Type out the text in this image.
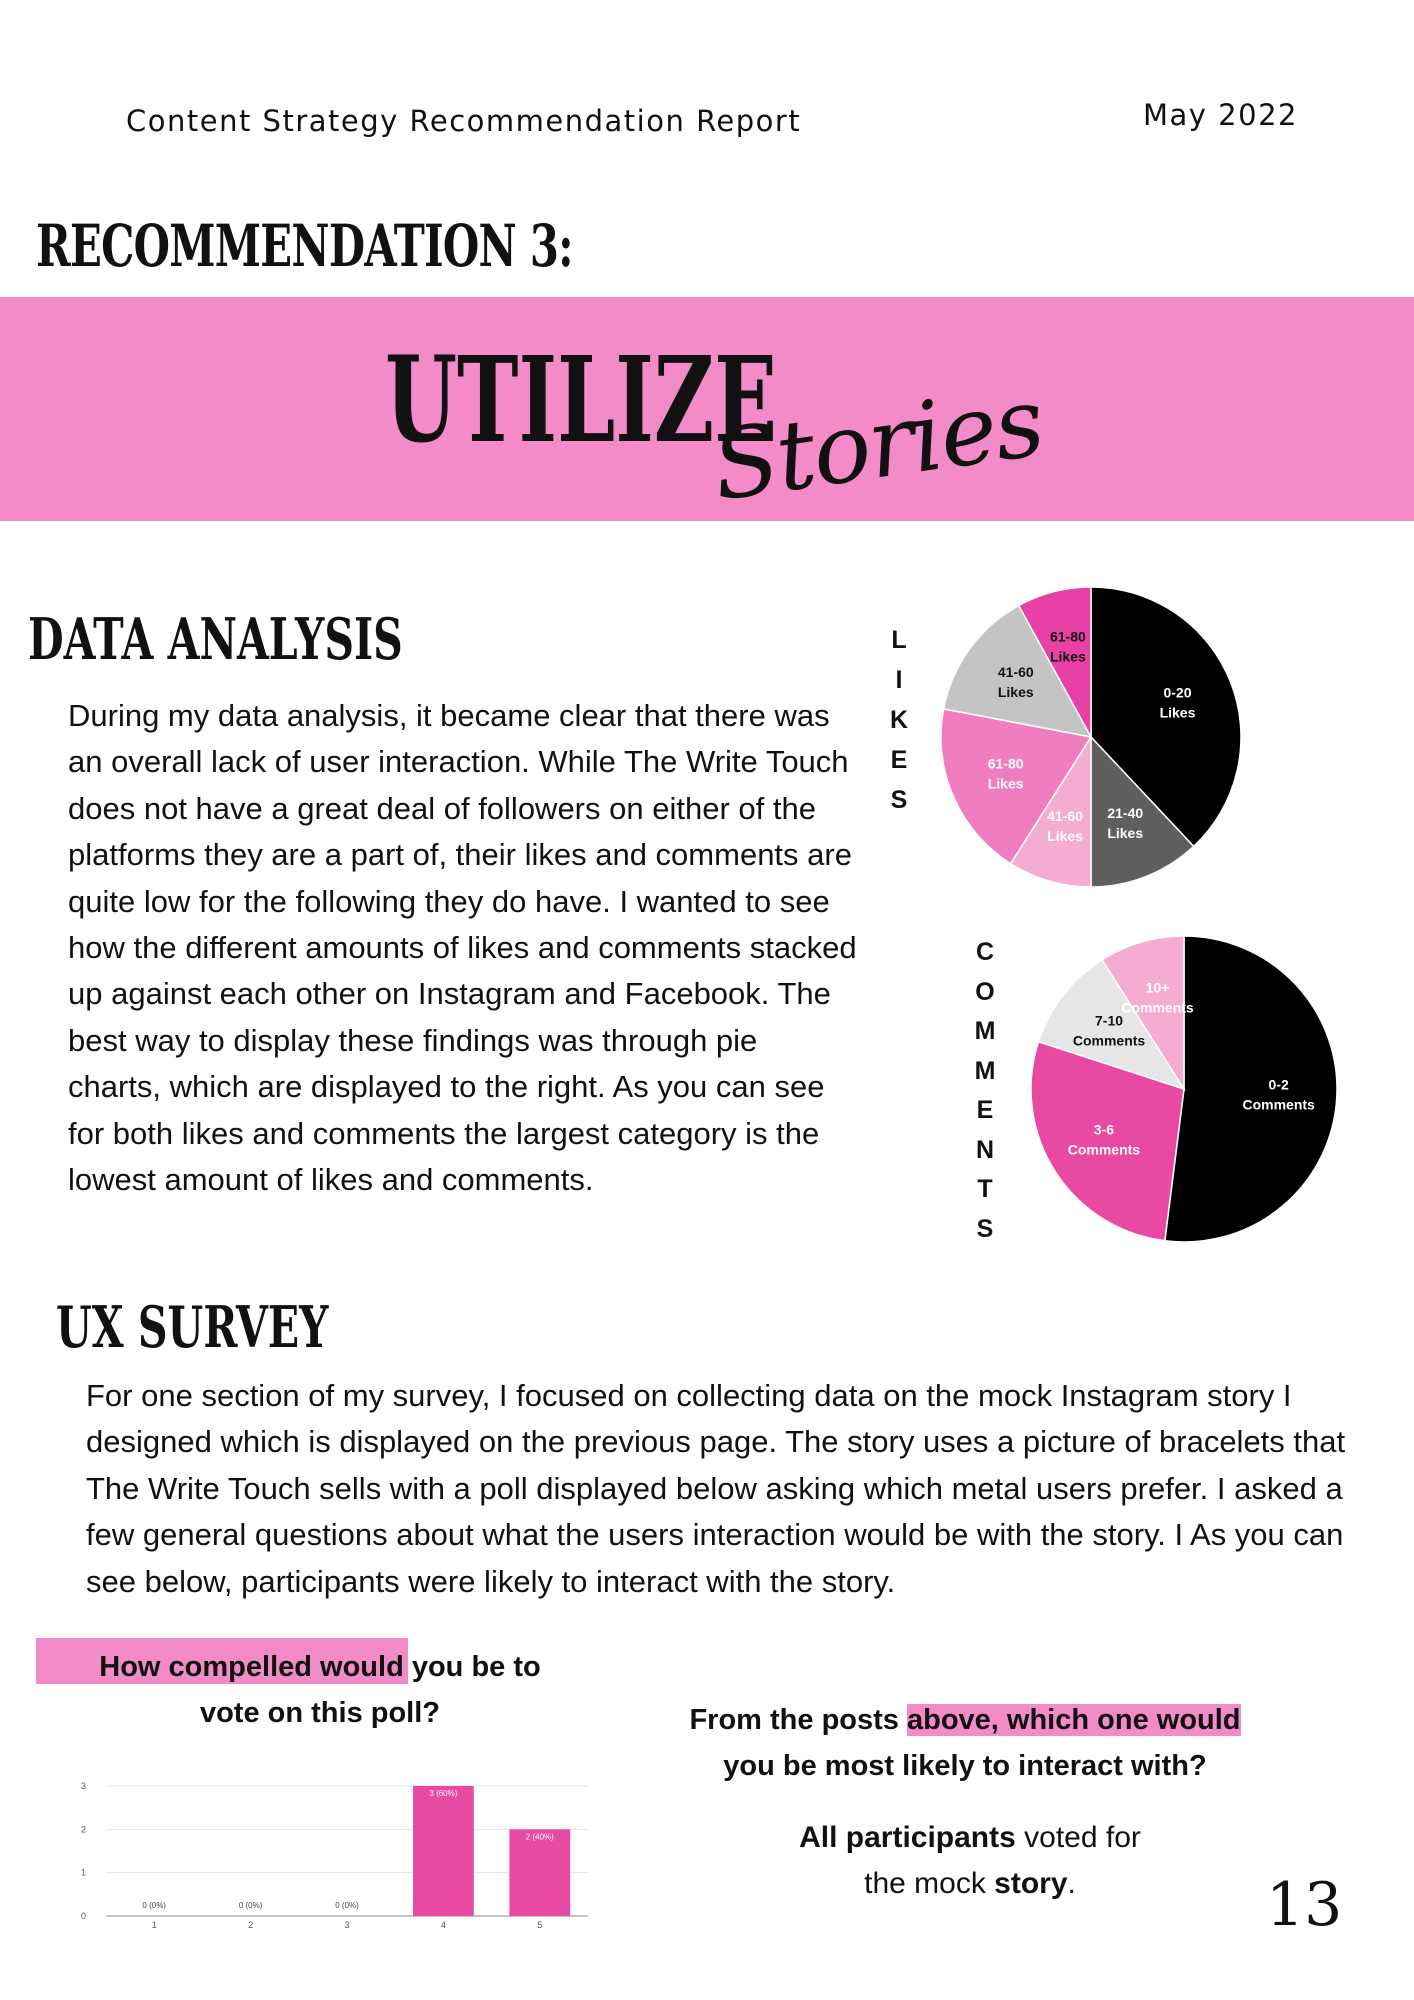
Content Strategy Recommendation Report	May 2022
RECOMMENDATION 3:
UTILIZE
Stories
DATA ANALYSIS
During my data analysis, it became clear that there was an overall lack of user interaction. While The Write Touch does not have a great deal of followers on either of the platforms they are a part of, their likes and comments are quite low for the following they do have. I wanted to see how the different amounts of likes and comments stacked up against each other on Instagram and Facebook. The best way to display these findings was through pie charts, which are displayed to the right. As you can see for both likes and comments the largest category is the lowest amount of likes and comments.
L
I
K
E
S
C
O
M
M
E
N
T
S
0-20
Likes
21-40
Likes
41-60
Likes
61-80
Likes
41-60
Likes
61-80
Likes
0-2
Comments
3-6
Comments
7-10
Comments
10+
Comments
UX SURVEY
For one section of my survey, I focused on collecting data on the mock Instagram story I designed which is displayed on the previous page. The story uses a picture of bracelets that The Write Touch sells with a poll displayed below asking which metal users prefer. I asked a few general questions about what the users interaction would be with the story. I As you can see below, participants were likely to interact with the story.
How compelled would you be to
vote on this poll?
0
1
2
3
0 (0%)
1
0 (0%)
2
0 (0%)
3
3 (60%)
4
2 (40%)
5
From the posts above, which one would
you be most likely to interact with?
All participants voted for
the mock story.	13
